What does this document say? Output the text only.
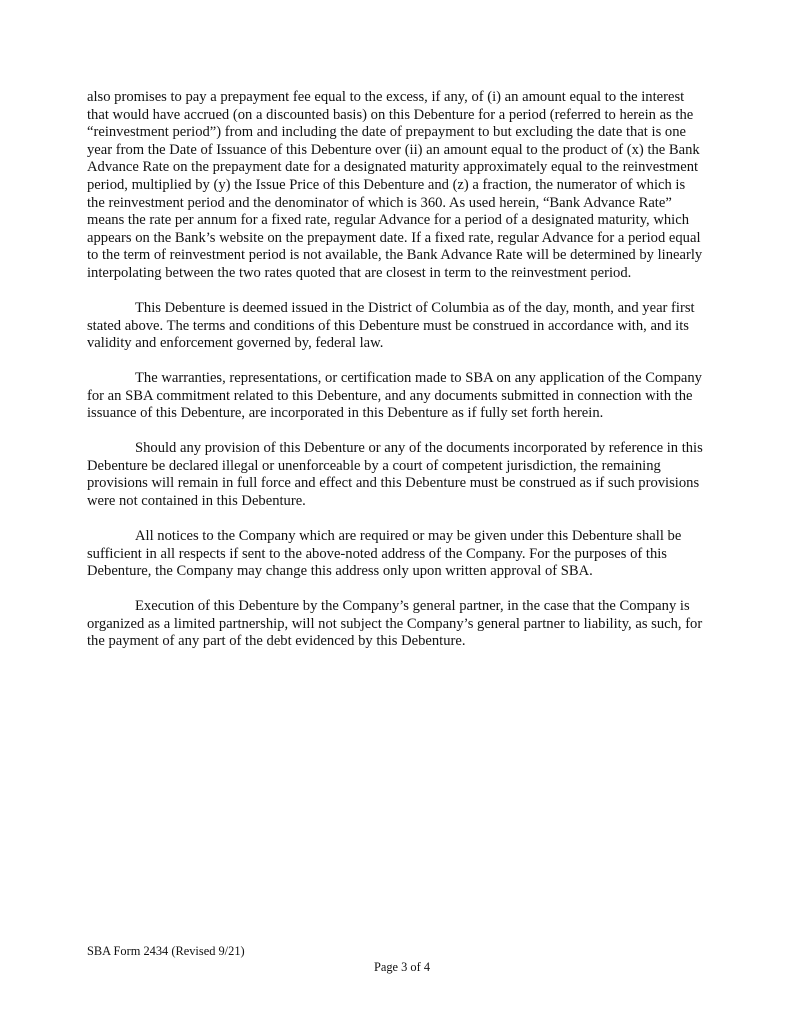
also promises to pay a prepayment fee equal to the excess, if any, of (i) an amount equal to the interest that would have accrued (on a discounted basis) on this Debenture for a period (referred to herein as the “reinvestment period”) from and including the date of prepayment to but excluding the date that is one year from the Date of Issuance of this Debenture over (ii) an amount equal to the product of (x) the Bank Advance Rate on the prepayment date for a designated maturity approximately equal to the reinvestment period, multiplied by (y) the Issue Price of this Debenture and (z) a fraction, the numerator of which is the reinvestment period and the denominator of which is 360. As used herein, “Bank Advance Rate” means the rate per annum for a fixed rate, regular Advance for a period of a designated maturity, which appears on the Bank’s website on the prepayment date. If a fixed rate, regular Advance for a period equal to the term of reinvestment period is not available, the Bank Advance Rate will be determined by linearly interpolating between the two rates quoted that are closest in term to the reinvestment period.

This Debenture is deemed issued in the District of Columbia as of the day, month, and year first stated above. The terms and conditions of this Debenture must be construed in accordance with, and its validity and enforcement governed by, federal law.

The warranties, representations, or certification made to SBA on any application of the Company for an SBA commitment related to this Debenture, and any documents submitted in connection with the issuance of this Debenture, are incorporated in this Debenture as if fully set forth herein.

Should any provision of this Debenture or any of the documents incorporated by reference in this Debenture be declared illegal or unenforceable by a court of competent jurisdiction, the remaining provisions will remain in full force and effect and this Debenture must be construed as if such provisions were not contained in this Debenture.

All notices to the Company which are required or may be given under this Debenture shall be sufficient in all respects if sent to the above-noted address of the Company. For the purposes of this Debenture, the Company may change this address only upon written approval of SBA.

Execution of this Debenture by the Company’s general partner, in the case that the Company is organized as a limited partnership, will not subject the Company’s general partner to liability, as such, for the payment of any part of the debt evidenced by this Debenture.

SBA Form 2434 (Revised 9/21)
Page 3 of 4
